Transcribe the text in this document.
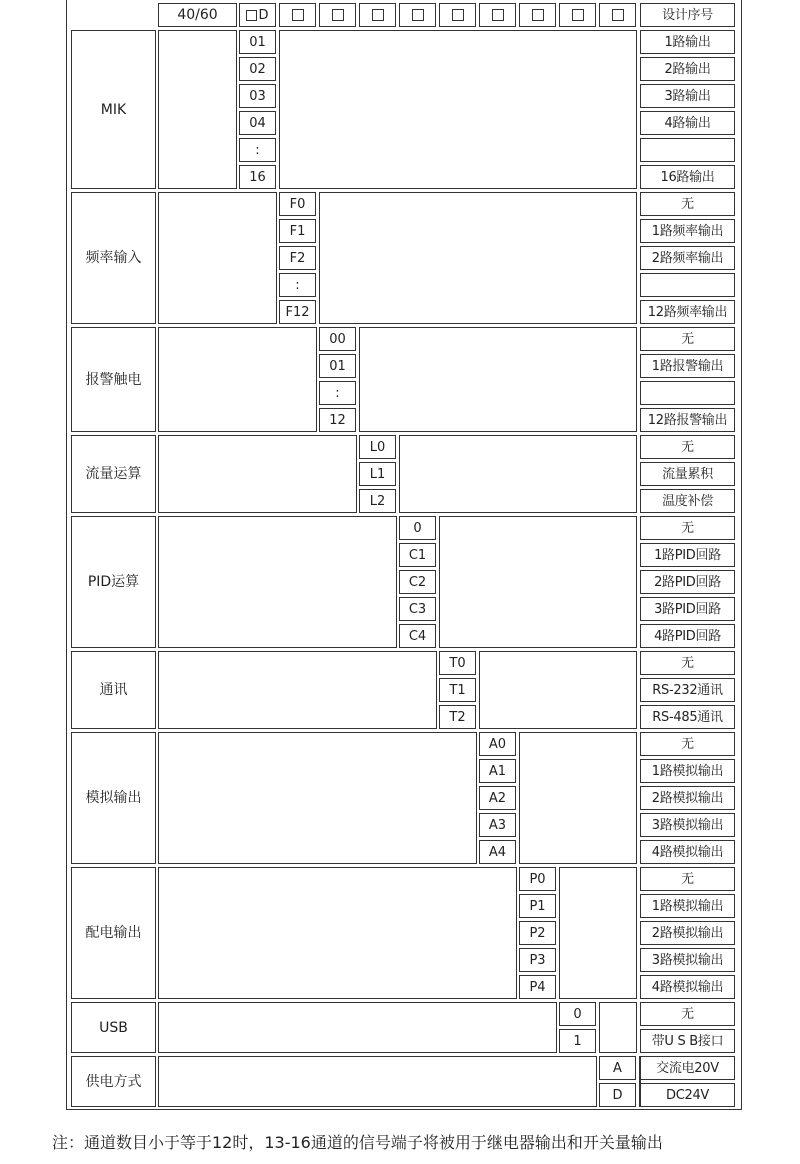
40/60	D	设计序号
MIK
01
02
03
04
:
16
1路输出
2路输出
3路输出
4路输出
16路输出
频率输入
F0
F1
F2
:
F12
无
1路频率输出
2路频率输出
12路频率输出
报警触电
00
01
:
12
无
1路报警输出
12路报警输出
流量运算
L0
L1
L2
无
流量累积
温度补偿
PID运算
0
C1
C2
C3
C4
无
1路PID回路
2路PID回路
3路PID回路
4路PID回路
通讯
T0
T1
T2
无
RS-232通讯
RS-485通讯
模拟输出
A0
A1
A2
A3
A4
无
1路模拟输出
2路模拟输出
3路模拟输出
4路模拟输出
配电输出
P0
P1
P2
P3
P4
无
1路模拟输出
2路模拟输出
3路模拟输出
4路模拟输出
USB
0
1
无
带U S B接口
供电方式
A
D
交流电20V
DC24V
注：通道数目小于等于12时，13-16通道的信号端子将被用于继电器输出和开关量输出
